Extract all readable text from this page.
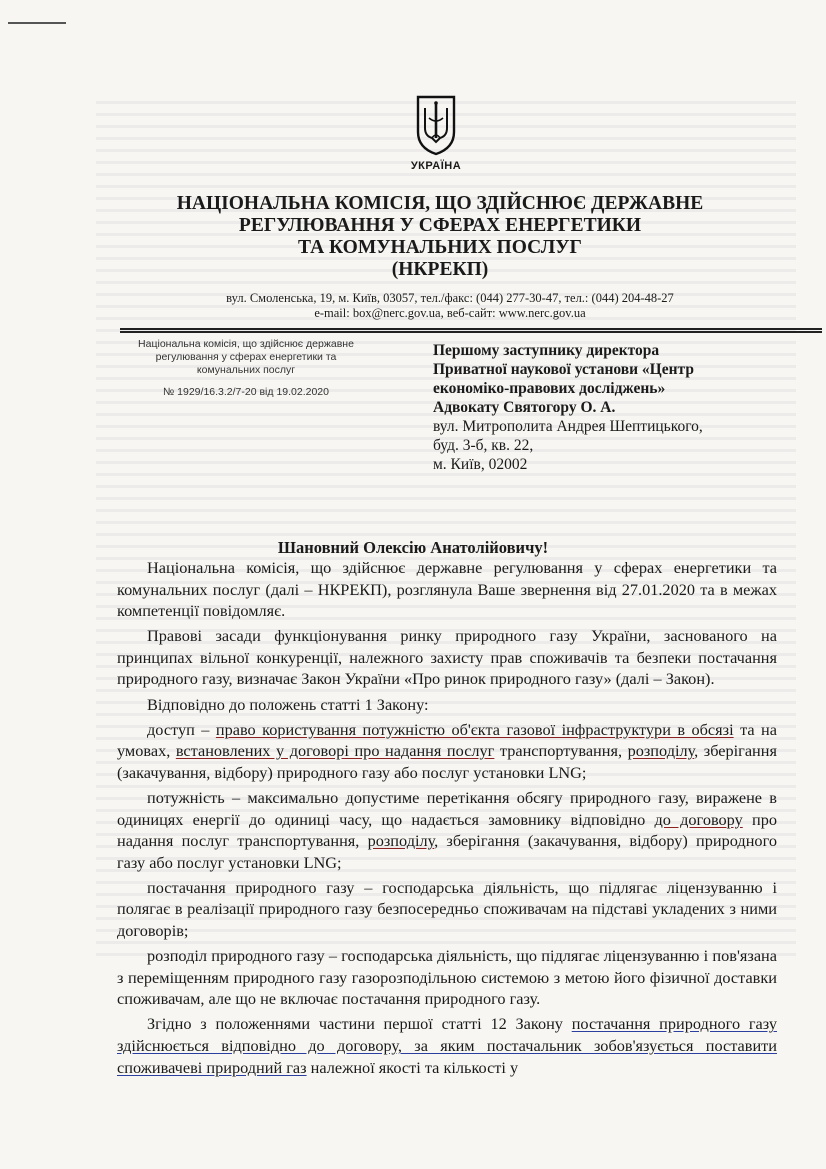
УКРАЇНА
НАЦІОНАЛЬНА КОМІСІЯ, ЩО ЗДІЙСНЮЄ ДЕРЖАВНЕ
РЕГУЛЮВАННЯ У СФЕРАХ ЕНЕРГЕТИКИ
ТА КОМУНАЛЬНИХ ПОСЛУГ
(НКРЕКП)
вул. Смоленська, 19, м. Київ, 03057, тел./факс: (044) 277-30-47, тел.: (044) 204-48-27
e-mail: box@nerc.gov.ua, веб-сайт: www.nerc.gov.ua
Національна комісія, що здійснює державне
регулювання у сферах енергетики та
комунальних послуг
№ 1929/16.3.2/7-20 від 19.02.2020
Першому заступнику директора
Приватної наукової установи «Центр
економіко-правових досліджень»
Адвокату Святогору О. А.
вул. Митрополита Андрея Шептицького,
буд. 3-б, кв. 22,
м. Київ, 02002
Шановний Олексію Анатолійовичу!

Національна комісія, що здійснює державне регулювання у сферах енергетики та комунальних послуг (далі – НКРЕКП), розглянула Ваше звернення від 27.01.2020 та в межах компетенції повідомляє.

Правові засади функціонування ринку природного газу України, заснованого на принципах вільної конкуренції, належного захисту прав споживачів та безпеки постачання природного газу, визначає Закон України «Про ринок природного газу» (далі – Закон).

Відповідно до положень статті 1 Закону:

доступ – право користування потужністю об'єкта газової інфраструктури в обсязі та на умовах, встановлених у договорі про надання послуг транспортування, розподілу, зберігання (закачування, відбору) природного газу або послуг установки LNG;

потужність – максимально допустиме перетікання обсягу природного газу, виражене в одиницях енергії до одиниці часу, що надається замовнику відповідно до договору про надання послуг транспортування, розподілу, зберігання (закачування, відбору) природного газу або послуг установки LNG;

постачання природного газу – господарська діяльність, що підлягає ліцензуванню і полягає в реалізації природного газу безпосередньо споживачам на підставі укладених з ними договорів;

розподіл природного газу – господарська діяльність, що підлягає ліцензуванню і пов'язана з переміщенням природного газу газорозподільною системою з метою його фізичної доставки споживачам, але що не включає постачання природного газу.

Згідно з положеннями частини першої статті 12 Закону постачання природного газу здійснюється відповідно до договору, за яким постачальник зобов'язується поставити споживачеві природний газ належної якості та кількості у
